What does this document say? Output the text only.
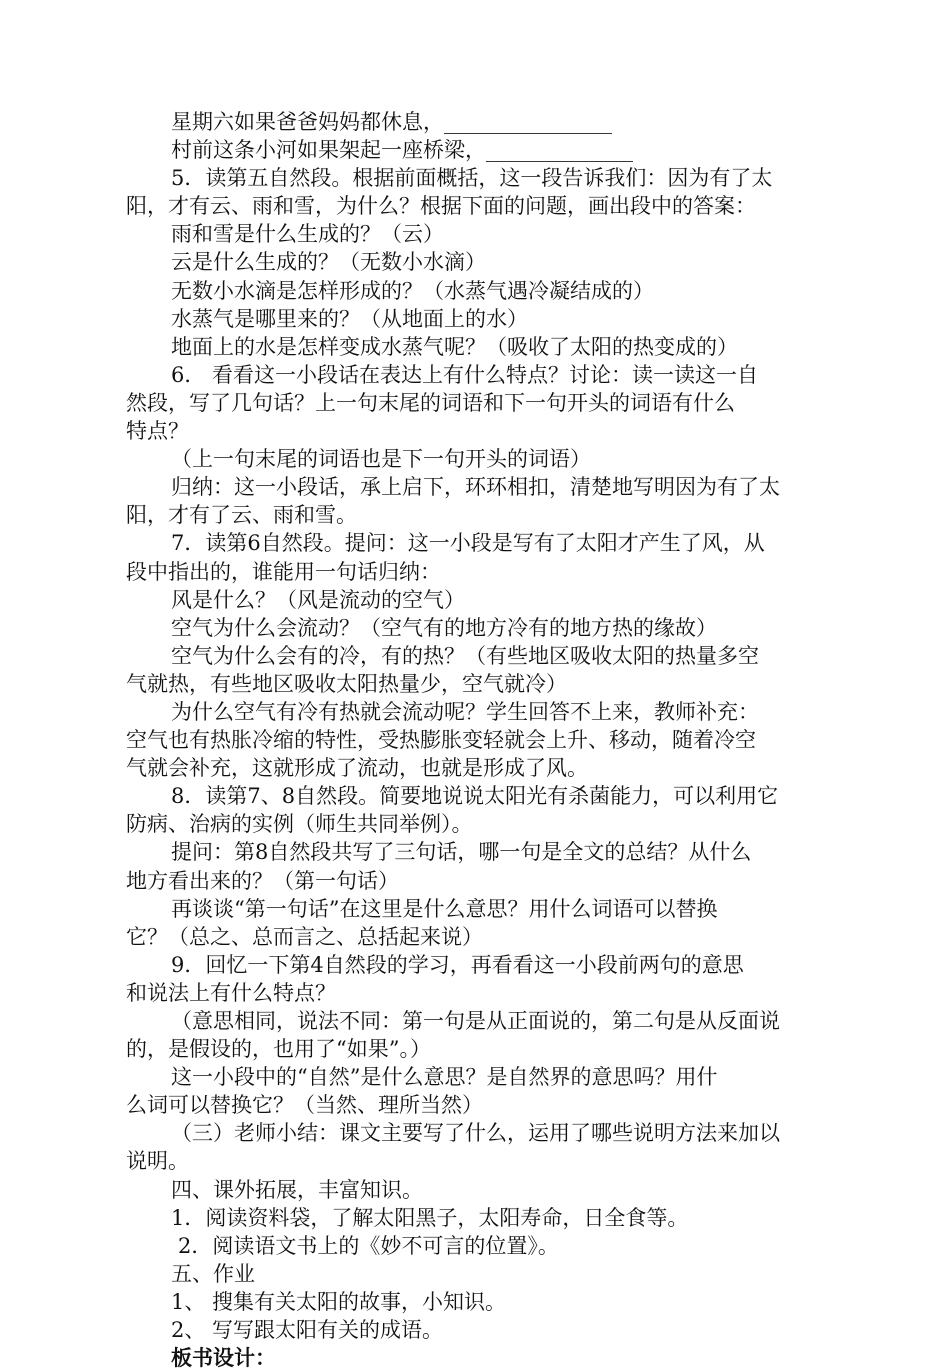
星期六如果爸爸妈妈都休息，________________
村前这条小河如果架起一座桥梁，______________
5．读第五自然段。根据前面概括，这一段告诉我们：因为有了太
阳，才有云、雨和雪，为什么？根据下面的问题，画出段中的答案：
雨和雪是什么生成的？（云）
云是什么生成的？（无数小水滴）
无数小水滴是怎样形成的？（水蒸气遇冷凝结成的）
水蒸气是哪里来的？（从地面上的水）
地面上的水是怎样变成水蒸气呢？（吸收了太阳的热变成的）
6． 看看这一小段话在表达上有什么特点？讨论：读一读这一自
然段，写了几句话？上一句末尾的词语和下一句开头的词语有什么
特点？
（上一句末尾的词语也是下一句开头的词语）
归纳：这一小段话，承上启下，环环相扣，清楚地写明因为有了太
阳，才有了云、雨和雪。
7．读第6自然段。提问：这一小段是写有了太阳才产生了风，从
段中指出的，谁能用一句话归纳：
风是什么？（风是流动的空气）
空气为什么会流动？（空气有的地方冷有的地方热的缘故）
空气为什么会有的冷，有的热？（有些地区吸收太阳的热量多空
气就热，有些地区吸收太阳热量少，空气就冷）
为什么空气有冷有热就会流动呢？学生回答不上来，教师补充：
空气也有热胀冷缩的特性，受热膨胀变轻就会上升、移动，随着冷空
气就会补充，这就形成了流动，也就是形成了风。
8．读第7、8自然段。简要地说说太阳光有杀菌能力，可以利用它
防病、治病的实例（师生共同举例）。
提问：第8自然段共写了三句话，哪一句是全文的总结？从什么
地方看出来的？（第一句话）
再谈谈“第一句话”在这里是什么意思？用什么词语可以替换
它？（总之、总而言之、总括起来说）
9．回忆一下第4自然段的学习，再看看这一小段前两句的意思
和说法上有什么特点？
（意思相同，说法不同：第一句是从正面说的，第二句是从反面说
的，是假设的，也用了“如果”。）
这一小段中的“自然”是什么意思？是自然界的意思吗？用什
么词可以替换它？（当然、理所当然）
（三）老师小结：课文主要写了什么，运用了哪些说明方法来加以
说明。
四、课外拓展，丰富知识。
1．阅读资料袋，了解太阳黑子，太阳寿命，日全食等。
2．阅读语文书上的《妙不可言的位置》。
五、作业
1、 搜集有关太阳的故事，小知识。
2、 写写跟太阳有关的成语。
板书设计：
